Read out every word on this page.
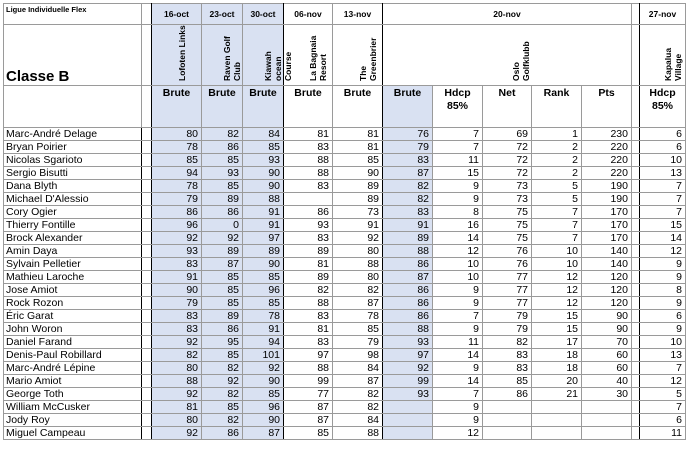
Ligue Individuelle Flex		16-oct	23-oct	30-oct	06-nov	13-nov	20-nov						27-nov
Classe B		Lofoten Links	Raven Golf Club	Kiawah ocean Course	La Bagnaia Resort	The Greenbrier	Oslo Golfklubb						Kapalua Village

		Brute	Brute	Brute	Brute	Brute	Brute	Hdcp 85%	Net	Rank	Pts		Hdcp 85%
Marc-André Delage		80	82	84	81	81	76	7	69	1	230		6
Bryan Poirier		78	86	85	83	81	79	7	72	2	220		6
Nicolas Sgarioto		85	85	93	88	85	83	11	72	2	220		10
Sergio Bisutti		94	93	90	88	90	87	15	72	2	220		13
Dana Blyth		78	85	90	83	89	82	9	73	5	190		7
Michael D'Alessio		79	89	88		89	82	9	73	5	190		7
Cory Ogier		86	86	91	86	73	83	8	75	7	170		7
Thierry Fontille		96	0	91	93	91	91	16	75	7	170		15
Brock Alexander		92	92	97	83	92	89	14	75	7	170		14
Amin Daya		93	89	89	89	80	88	12	76	10	140		12
Sylvain Pelletier		83	87	90	81	88	86	10	76	10	140		9
Mathieu Laroche		91	85	85	89	80	87	10	77	12	120		9
Jose Amiot		90	85	96	82	82	86	9	77	12	120		8
Rock Rozon		79	85	85	88	87	86	9	77	12	120		9
Éric Garat		83	89	78	83	78	86	7	79	15	90		6
John Woron		83	86	91	81	85	88	9	79	15	90		9
Daniel Farand		92	95	94	83	79	93	11	82	17	70		10
Denis-Paul Robillard		82	85	101	97	98	97	14	83	18	60		13
Marc-André Lépine		80	82	92	88	84	92	9	83	18	60		7
Mario Amiot		88	92	90	99	87	99	14	85	20	40		12
George Toth		92	82	85	77	82	93	7	86	21	30		5
William McCusker		81	85	96	87	82		9					7
Jody Roy		80	82	90	87	84		9					6
Miguel Campeau		92	86	87	85	88		12					11
